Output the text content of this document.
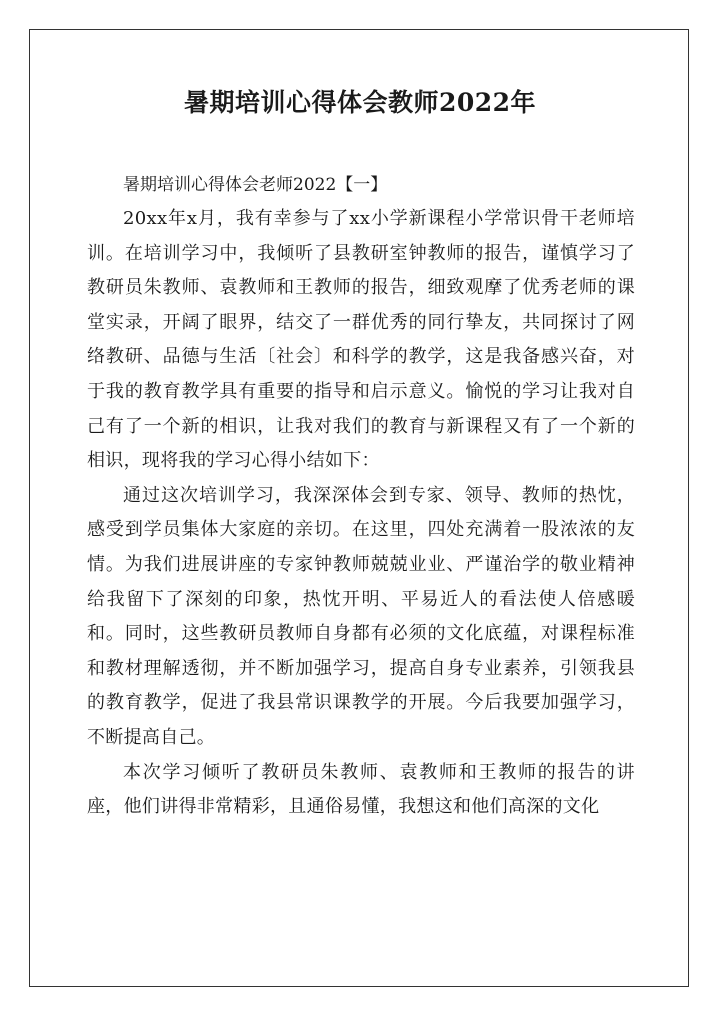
暑期培训心得体会教师2022年

暑期培训心得体会老师2022【一】

20xx年x月，我有幸参与了xx小学新课程小学常识骨干老师培训。在培训学习中，我倾听了县教研室钟教师的报告，谨慎学习了教研员朱教师、袁教师和王教师的报告，细致观摩了优秀老师的课堂实录，开阔了眼界，结交了一群优秀的同行挚友，共同探讨了网络教研、品德与生活〔社会〕和科学的教学，这是我备感兴奋，对于我的教育教学具有重要的指导和启示意义。愉悦的学习让我对自己有了一个新的相识，让我对我们的教育与新课程又有了一个新的相识，现将我的学习心得小结如下：

通过这次培训学习，我深深体会到专家、领导、教师的热忱，感受到学员集体大家庭的亲切。在这里，四处充满着一股浓浓的友情。为我们进展讲座的专家钟教师兢兢业业、严谨治学的敬业精神给我留下了深刻的印象，热忱开明、平易近人的看法使人倍感暖和。同时，这些教研员教师自身都有必须的文化底蕴，对课程标准和教材理解透彻，并不断加强学习，提高自身专业素养，引领我县的教育教学，促进了我县常识课教学的开展。今后我要加强学习，不断提高自己。

本次学习倾听了教研员朱教师、袁教师和王教师的报告的讲座，他们讲得非常精彩，且通俗易懂，我想这和他们高深的文化
